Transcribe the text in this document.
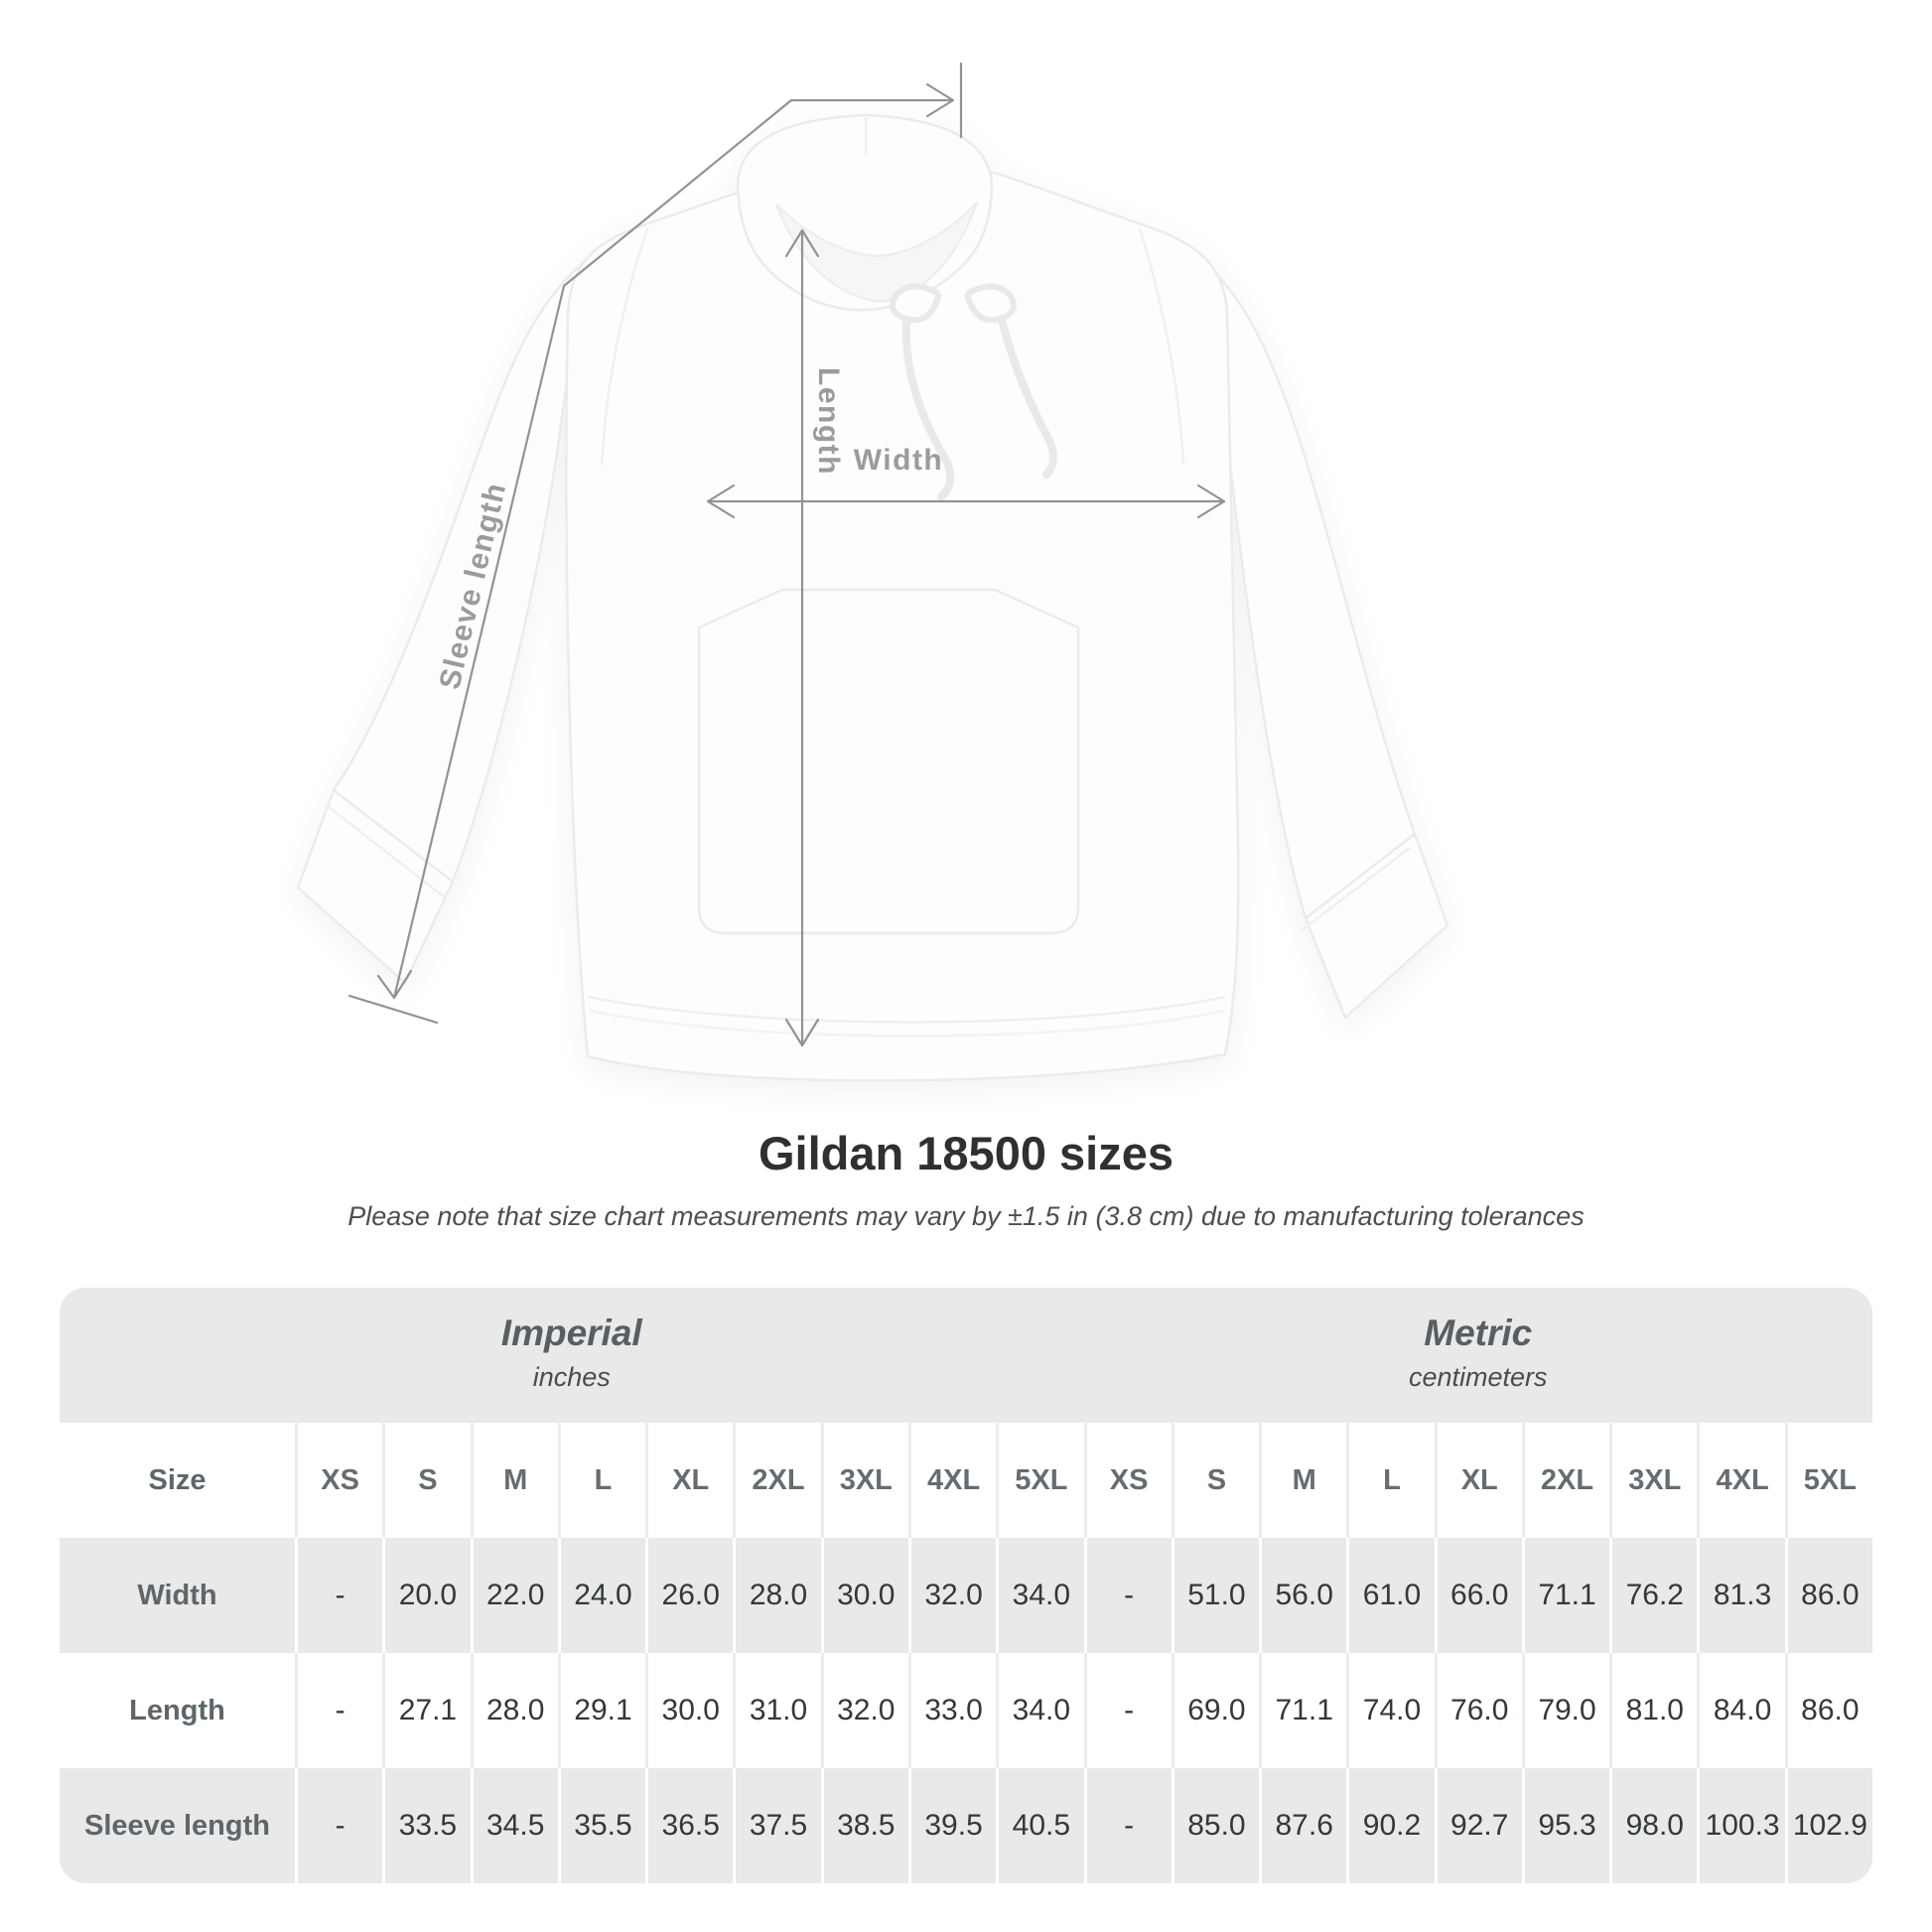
Length Width
Sleeve length
Gildan 18500 sizes
Please note that size chart measurements may vary by ±1.5 in (3.8 cm) due to manufacturing tolerances
Imperial
inches
Metric
centimeters
Size	XS	S	M	L	XL	2XL	3XL	4XL	5XL	XS	S	M	L	XL	2XL	3XL	4XL	5XL
Width	-	20.0 22.0 24.0 26.0 28.0 30.0 32.0 34.0	-	51.0 56.0 61.0 66.0 71.1 76.2 81.3 86.0
Length	-	27.1 28.0 29.1 30.0 31.0 32.0 33.0 34.0	-	69.0 71.1 74.0 76.0 79.0 81.0 84.0 86.0
Sleeve length	-	33.5 34.5 35.5 36.5 37.5 38.5 39.5 40.5	-	85.0 87.6 90.2 92.7 95.3 98.0 100.3 102.9
